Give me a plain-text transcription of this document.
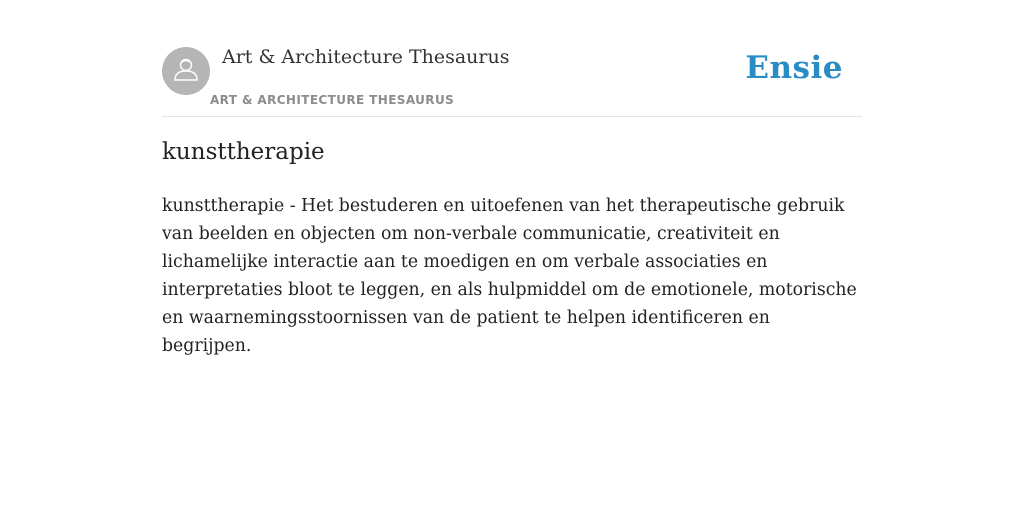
Art & Architecture Thesaurus
ART & ARCHITECTURE THESAURUS
Ensie
kunsttherapie

kunsttherapie - Het bestuderen en uitoefenen van het therapeutische gebruik van beelden en objecten om non-verbale communicatie, creativiteit en lichamelijke interactie aan te moedigen en om verbale associaties en interpretaties bloot te leggen, en als hulpmiddel om de emotionele, motorische en waarnemingsstoornissen van de patient te helpen identificeren en begrijpen.
